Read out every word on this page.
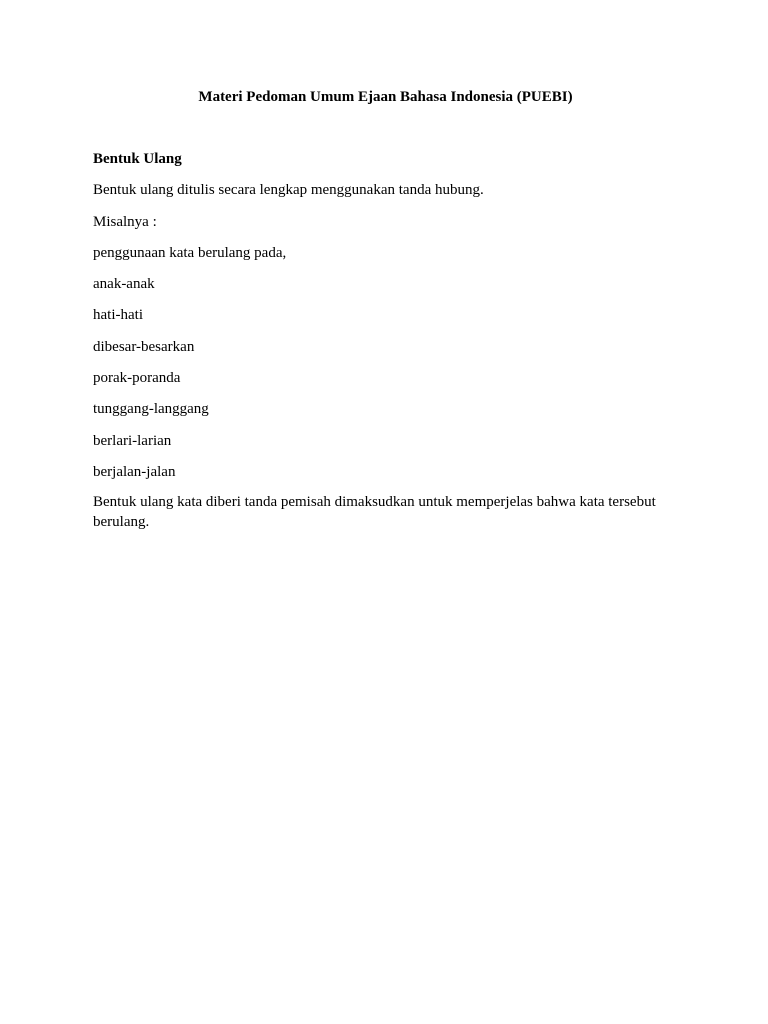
Materi Pedoman Umum Ejaan Bahasa Indonesia (PUEBI)

Bentuk Ulang

Bentuk ulang ditulis secara lengkap menggunakan tanda hubung.

Misalnya :

penggunaan kata berulang pada,

anak-anak

hati-hati

dibesar-besarkan

porak-poranda

tunggang-langgang

berlari-larian

berjalan-jalan

Bentuk ulang kata diberi tanda pemisah dimaksudkan untuk memperjelas bahwa kata tersebut berulang.
